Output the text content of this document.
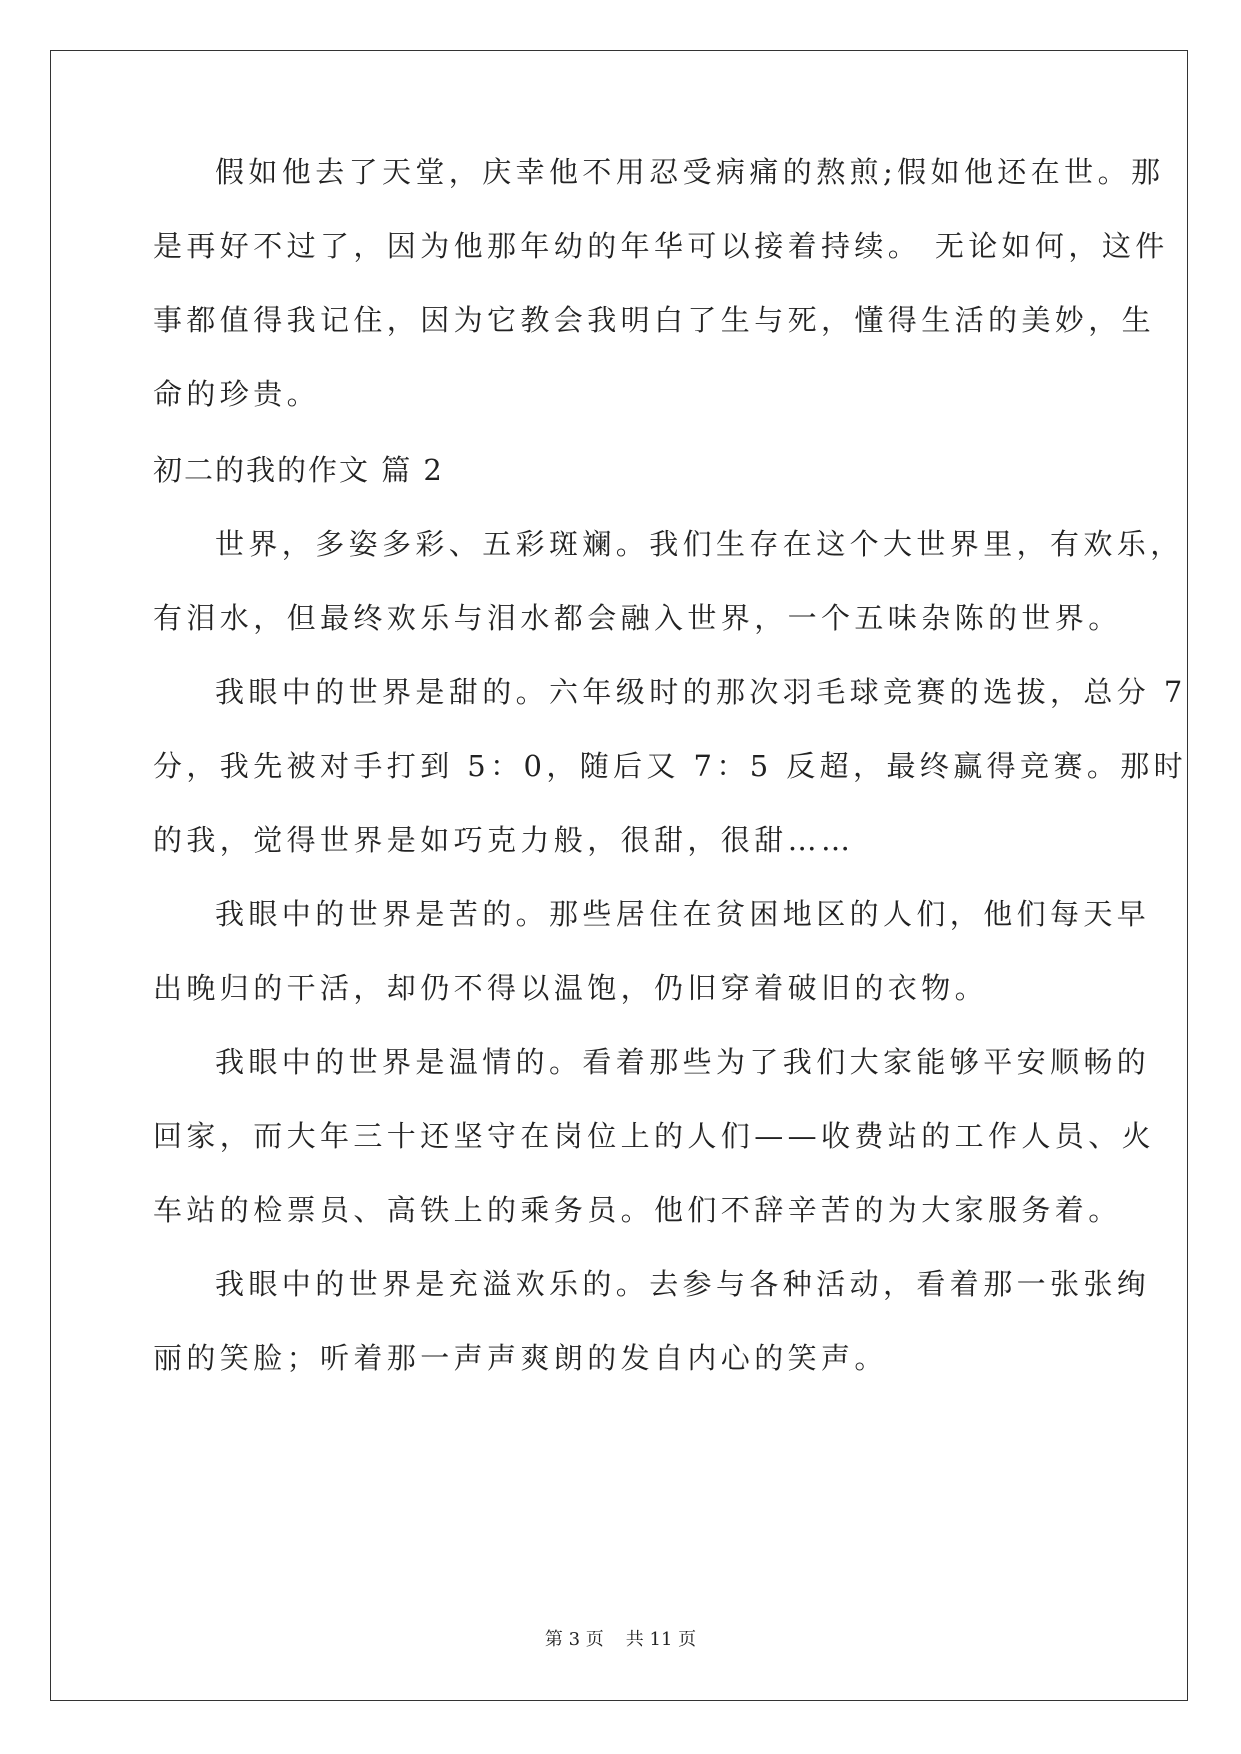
假如他去了天堂，庆幸他不用忍受病痛的熬煎;假如他还在世。那
是再好不过了，因为他那年幼的年华可以接着持续。 无论如何，这件
事都值得我记住，因为它教会我明白了生与死，懂得生活的美妙，生
命的珍贵。
初二的我的作文 篇 2
世界，多姿多彩、五彩斑斓。我们生存在这个大世界里，有欢乐，
有泪水，但最终欢乐与泪水都会融入世界，一个五味杂陈的世界。
我眼中的世界是甜的。六年级时的那次羽毛球竞赛的选拔，总分 7
分，我先被对手打到 5：0，随后又 7：5 反超，最终赢得竞赛。那时
的我，觉得世界是如巧克力般，很甜，很甜……
我眼中的世界是苦的。那些居住在贫困地区的人们，他们每天早
出晚归的干活，却仍不得以温饱，仍旧穿着破旧的衣物。
我眼中的世界是温情的。看着那些为了我们大家能够平安顺畅的
回家，而大年三十还坚守在岗位上的人们——收费站的工作人员、火
车站的检票员、高铁上的乘务员。他们不辞辛苦的为大家服务着。
我眼中的世界是充溢欢乐的。去参与各种活动，看着那一张张绚
丽的笑脸；听着那一声声爽朗的发自内心的笑声。
第 3 页 共 11 页
